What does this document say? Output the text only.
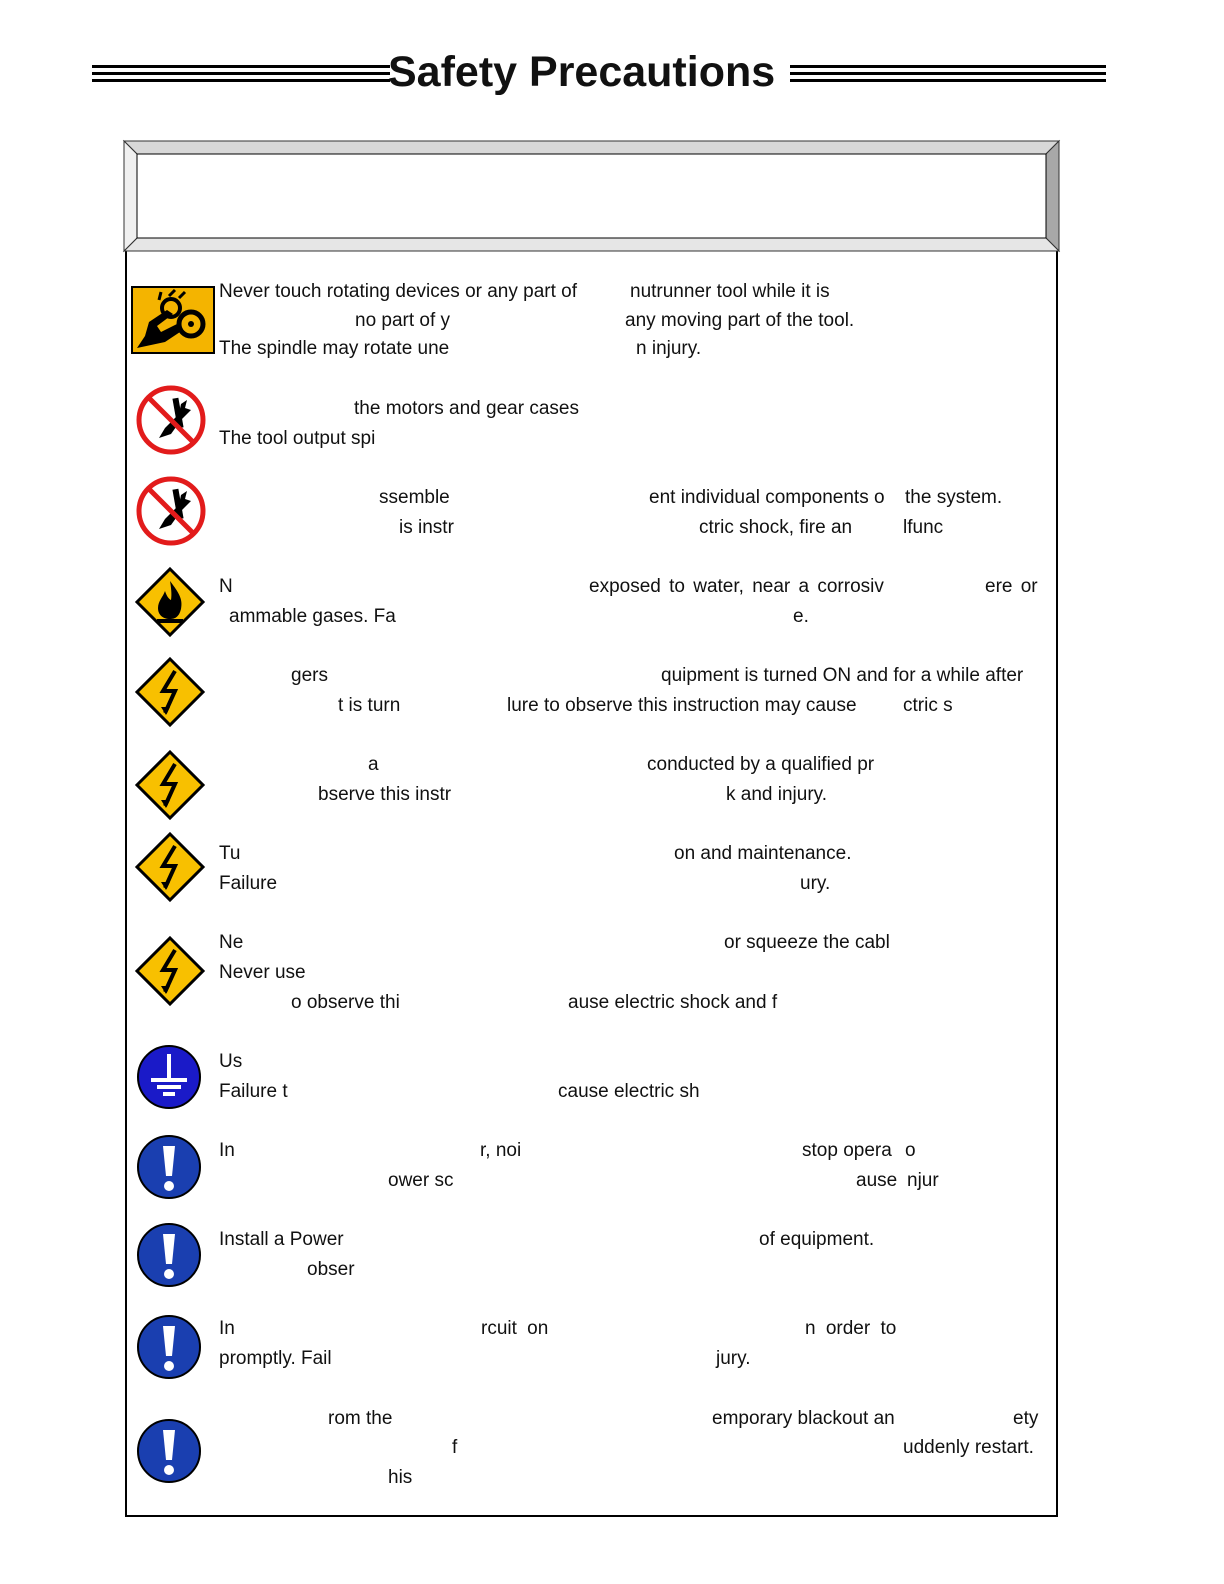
Safety Precautions
Never touch rotating devices or any part of	nutrunner tool while it is
no part of y	any moving part of the tool.
The spindle may rotate une	n injury.
the motors and gear cases
The tool output spi
ssemble	ent individual components o the system.
is instr	ctric shock, fire an	lfunc
N	exposed to water, near a corrosiv	ere or
ammable gases. Fa	e.
gers	quipment is turned ON and for a while after
t is turn	lure to observe this instruction may cause ctric s
a	conducted by a qualified pr
bserve this instr	k and injury.
Tu	on and maintenance.
Failure	ury.
Ne	or squeeze the cabl
Never use
o observe thi	ause electric shock and f
Us
Failure t	cause electric sh
In	r, noi	stop opera o
ower sc	ause njur
Install a Power	of equipment.
obser
In	rcuit on	n order to
promptly. Fail	jury.
rom the	emporary blackout an	ety
f	uddenly restart.
his
